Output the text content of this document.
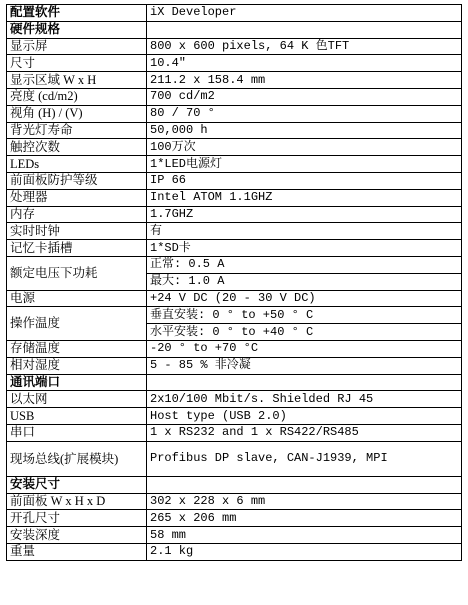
配置软件	iX Developer
硬件规格	
显示屏	800 x 600 pixels, 64 K 色TFT
尺寸	10.4″
显示区域 W x H	211.2 x 158.4 mm
亮度 (cd/m2)	700 cd/m2
视角 (H) / (V)	80 / 70 °
背光灯寿命	50,000 h
触控次数	100万次
LEDs	1*LED电源灯
前面板防护等级	IP 66
处理器	Intel ATOM 1.1GHZ
内存	1.7GHZ
实时时钟	有
记忆卡插槽	1*SD卡
额定电压下功耗	正常: 0.5 A
	最大: 1.0 A
电源	+24 V DC (20 - 30 V DC)
操作温度	垂直安装: 0 ° to +50 ° C
	水平安装: 0 ° to +40 ° C
存储温度	-20 ° to +70 °C
相对湿度	5 - 85 % 非冷凝
通讯端口	
以太网	2x10/100 Mbit/s. Shielded RJ 45
USB	Host type (USB 2.0)
串口	1 x RS232 and 1 x RS422/RS485
现场总线(扩展模块)	Profibus DP slave, CAN-J1939, MPI
安装尺寸	
前面板 W x H x D	302 x 228 x 6 mm
开孔尺寸	265 x 206 mm
安装深度	58 mm
重量	2.1 kg
